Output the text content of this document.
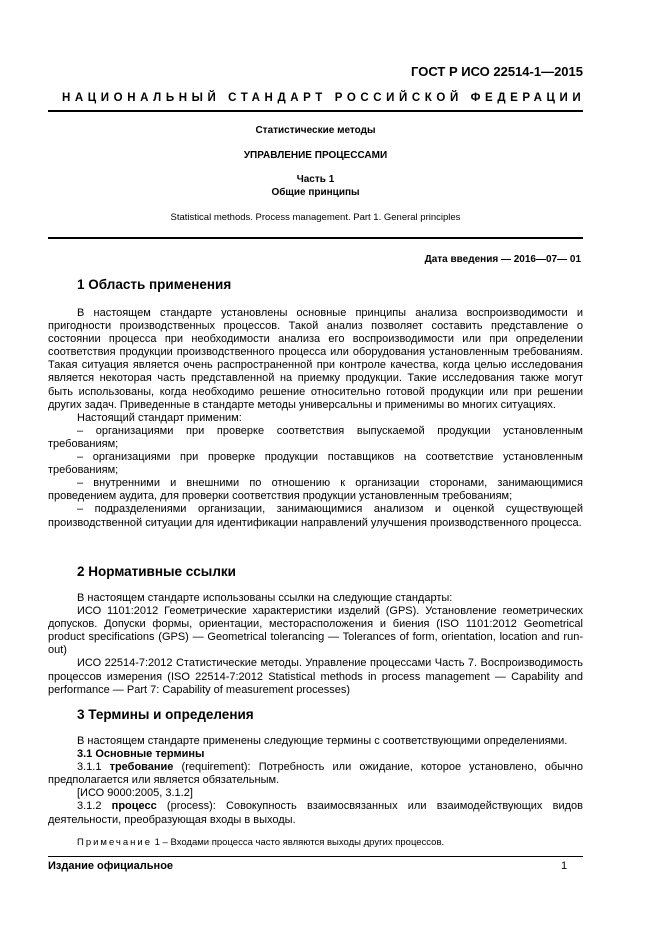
ГОСТ Р ИСО 22514-1—2015
НАЦИОНАЛЬНЫЙ СТАНДАРТ РОССИЙСКОЙ ФЕДЕРАЦИИ
Статистические методы
УПРАВЛЕНИЕ ПРОЦЕССАМИ
Часть 1
Общие принципы
Statistical methods. Process management. Part 1. General principles
Дата введения — 2016—07— 01
1 Область применения

В настоящем стандарте установлены основные принципы анализа воспроизводимости и пригодности производственных процессов. Такой анализ позволяет составить представление о состоянии процесса при необходимости анализа его воспроизводимости или при определении соответствия продукции производственного процесса или оборудования установленным требованиям. Такая ситуация является очень распространенной при контроле качества, когда целью исследования является некоторая часть представленной на приемку продукции. Такие исследования также могут быть использованы, когда необходимо решение относительно готовой продукции или при решении других задач. Приведенные в стандарте методы универсальны и применимы во многих ситуациях.

Настоящий стандарт применим:

– организациями при проверке соответствия выпускаемой продукции установленным требованиям;

– организациями при проверке продукции поставщиков на соответствие установленным требованиям;

– внутренними и внешними по отношению к организации сторонами, занимающимися проведением аудита, для проверки соответствия продукции установленным требованиям;

– подразделениями организации, занимающимися анализом и оценкой существующей производственной ситуации для идентификации направлений улучшения производственного процесса.

2 Нормативные ссылки

В настоящем стандарте использованы ссылки на следующие стандарты:

ИСО 1101:2012 Геометрические характеристики изделий (GPS). Установление геометрических допусков. Допуски формы, ориентации, месторасположения и биения (ISO 1101:2012 Geometrical product specifications (GPS) — Geometrical tolerancing — Tolerances of form, orientation, location and run-out)

ИСО 22514-7:2012 Статистические методы. Управление процессами Часть 7. Воспроизводимость процессов измерения (ISO 22514-7:2012 Statistical methods in process management — Capability and performance — Part 7: Capability of measurement processes)

3 Термины и определения

В настоящем стандарте применены следующие термины с соответствующими определениями.

3.1 Основные термины

3.1.1 требование (requirement): Потребность или ожидание, которое установлено, обычно предполагается или является обязательным.

[ИСО 9000:2005, 3.1.2]

3.1.2 процесс (process): Совокупность взаимосвязанных или взаимодействующих видов деятельности, преобразующая входы в выходы.

Примечание 1 – Входами процесса часто являются выходы других процессов.
Издание официальное	1
